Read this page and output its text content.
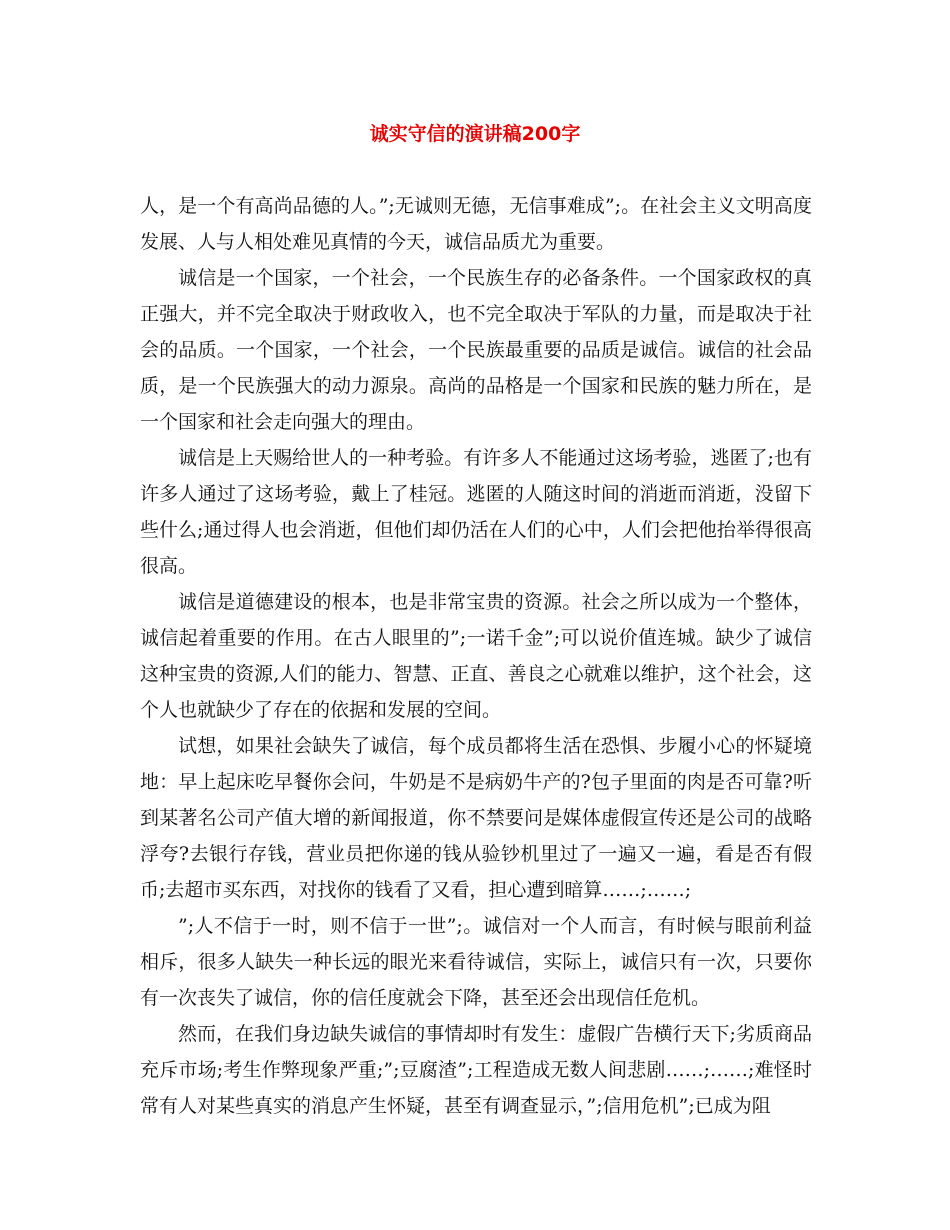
诚实守信的演讲稿200字

人，是一个有高尚品德的人。”;无诚则无德，无信事难成”;。在社会主义文明高度发展、人与人相处难见真情的今天，诚信品质尤为重要。

诚信是一个国家，一个社会，一个民族生存的必备条件。一个国家政权的真正强大，并不完全取决于财政收入，也不完全取决于军队的力量，而是取决于社会的品质。一个国家，一个社会，一个民族最重要的品质是诚信。诚信的社会品质，是一个民族强大的动力源泉。高尚的品格是一个国家和民族的魅力所在，是一个国家和社会走向强大的理由。

诚信是上天赐给世人的一种考验。有许多人不能通过这场考验，逃匿了;也有许多人通过了这场考验，戴上了桂冠。逃匿的人随这时间的消逝而消逝，没留下些什么;通过得人也会消逝，但他们却仍活在人们的心中，人们会把他抬举得很高很高。

诚信是道德建设的根本，也是非常宝贵的资源。社会之所以成为一个整体，诚信起着重要的作用。在古人眼里的”;一诺千金”;可以说价值连城。缺少了诚信这种宝贵的资源,人们的能力、智慧、正直、善良之心就难以维护，这个社会，这个人也就缺少了存在的依据和发展的空间。

试想，如果社会缺失了诚信，每个成员都将生活在恐惧、步履小心的怀疑境地：早上起床吃早餐你会问，牛奶是不是病奶牛产的?包子里面的肉是否可靠?听到某著名公司产值大增的新闻报道，你不禁要问是媒体虚假宣传还是公司的战略浮夸?去银行存钱，营业员把你递的钱从验钞机里过了一遍又一遍，看是否有假币;去超市买东西，对找你的钱看了又看，担心遭到暗算……;……;

”;人不信于一时，则不信于一世”;。诚信对一个人而言，有时候与眼前利益相斥，很多人缺失一种长远的眼光来看待诚信，实际上，诚信只有一次，只要你有一次丧失了诚信，你的信任度就会下降，甚至还会出现信任危机。

然而，在我们身边缺失诚信的事情却时有发生：虚假广告横行天下;劣质商品充斥市场;考生作弊现象严重;”;豆腐渣”;工程造成无数人间悲剧……;……;难怪时常有人对某些真实的消息产生怀疑，甚至有调查显示，”;信用危机”;已成为阻
